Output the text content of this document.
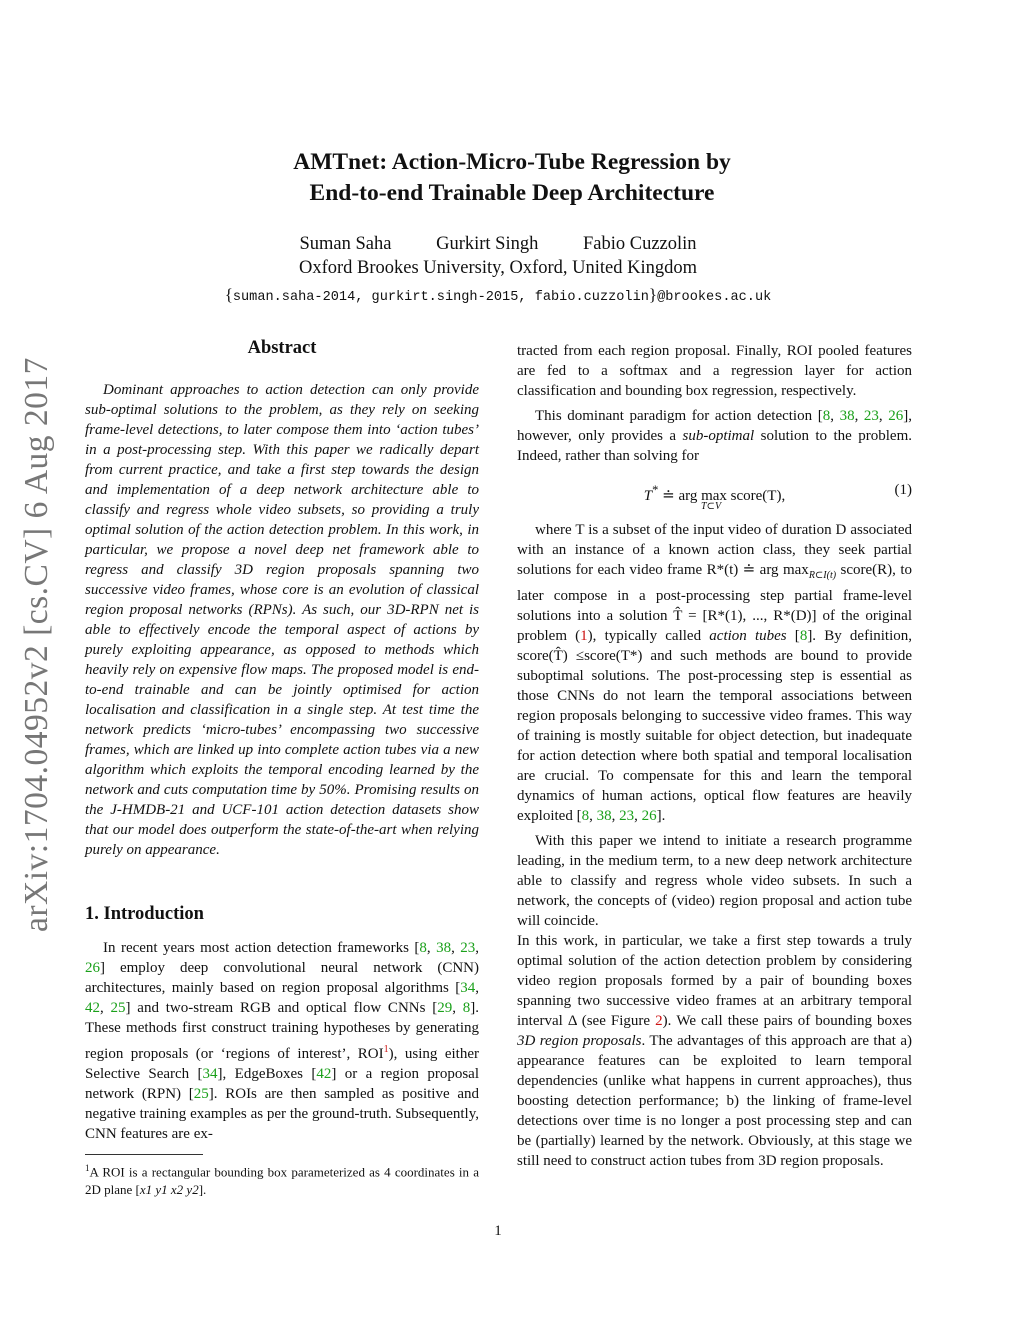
AMTnet: Action-Micro-Tube Regression by
End-to-end Trainable Deep Architecture
Suman Saha Gurkirt Singh Fabio Cuzzolin
Oxford Brookes University, Oxford, United Kingdom
{suman.saha-2014, gurkirt.singh-2015, fabio.cuzzolin}@brookes.ac.uk
arXiv:1704.04952v2 [cs.CV] 6 Aug 2017
Abstract

Dominant approaches to action detection can only provide sub-optimal solutions to the problem, as they rely on seeking frame-level detections, to later compose them into ‘action tubes’ in a post-processing step. With this paper we radically depart from current practice, and take a first step towards the design and implementation of a deep network architecture able to classify and regress whole video subsets, so providing a truly optimal solution of the action detection problem. In this work, in particular, we propose a novel deep net framework able to regress and classify 3D region proposals spanning two successive video frames, whose core is an evolution of classical region proposal networks (RPNs). As such, our 3D-RPN net is able to effectively encode the temporal aspect of actions by purely exploiting appearance, as opposed to methods which heavily rely on expensive flow maps. The proposed model is end-to-end trainable and can be jointly optimised for action localisation and classification in a single step. At test time the network predicts ‘micro-tubes’ encompassing two successive frames, which are linked up into complete action tubes via a new algorithm which exploits the temporal encoding learned by the network and cuts computation time by 50%. Promising results on the J-HMDB-21 and UCF-101 action detection datasets show that our model does outperform the state-of-the-art when relying purely on appearance.

1. Introduction

In recent years most action detection frameworks [8, 38, 23, 26] employ deep convolutional neural network (CNN) architectures, mainly based on region proposal algorithms [34, 42, 25] and two-stream RGB and optical flow CNNs [29, 8]. These methods first construct training hypotheses by generating region proposals (or ‘regions of interest’, ROI$^1$), using either Selective Search [34], EdgeBoxes [42] or a region proposal network (RPN) [25]. ROIs are then sampled as positive and negative training examples as per the ground-truth. Subsequently, CNN features are ex-

$^1$A ROI is a rectangular bounding box parameterized as 4 coordinates in a 2D plane [x1 y1 x2 y2].

tracted from each region proposal. Finally, ROI pooled features are fed to a softmax and a regression layer for action classification and bounding box regression, respectively.

This dominant paradigm for action detection [8, 38, 23, 26], however, only provides a sub-optimal solution to the problem. Indeed, rather than solving for

T* ≐ arg max score(T),
T⊂V
(1)

where T is a subset of the input video of duration D associated with an instance of a known action class, they seek partial solutions for each video frame R*(t) ≐ arg $\max_{R\subset I(t)}$ score(R), to later compose in a post-processing step partial frame-level solutions into a solution T̂ = [R*(1), ..., R*(D)] of the original problem (1), typically called action tubes [8]. By definition, score(T̂) ≤score(T*) and such methods are bound to provide suboptimal solutions. The post-processing step is essential as those CNNs do not learn the temporal associations between region proposals belonging to successive video frames. This way of training is mostly suitable for object detection, but inadequate for action detection where both spatial and temporal localisation are crucial. To compensate for this and learn the temporal dynamics of human actions, optical flow features are heavily exploited [8, 38, 23, 26].

With this paper we intend to initiate a research programme leading, in the medium term, to a new deep network architecture able to classify and regress whole video subsets. In such a network, the concepts of (video) region proposal and action tube will coincide.

In this work, in particular, we take a first step towards a truly optimal solution of the action detection problem by considering video region proposals formed by a pair of bounding boxes spanning two successive video frames at an arbitrary temporal interval Δ (see Figure 2). We call these pairs of bounding boxes 3D region proposals. The advantages of this approach are that a) appearance features can be exploited to learn temporal dependencies (unlike what happens in current approaches), thus boosting detection performance; b) the linking of frame-level detections over time is no longer a post processing step and can be (partially) learned by the network. Obviously, at this stage we still need to construct action tubes from 3D region proposals.

1
